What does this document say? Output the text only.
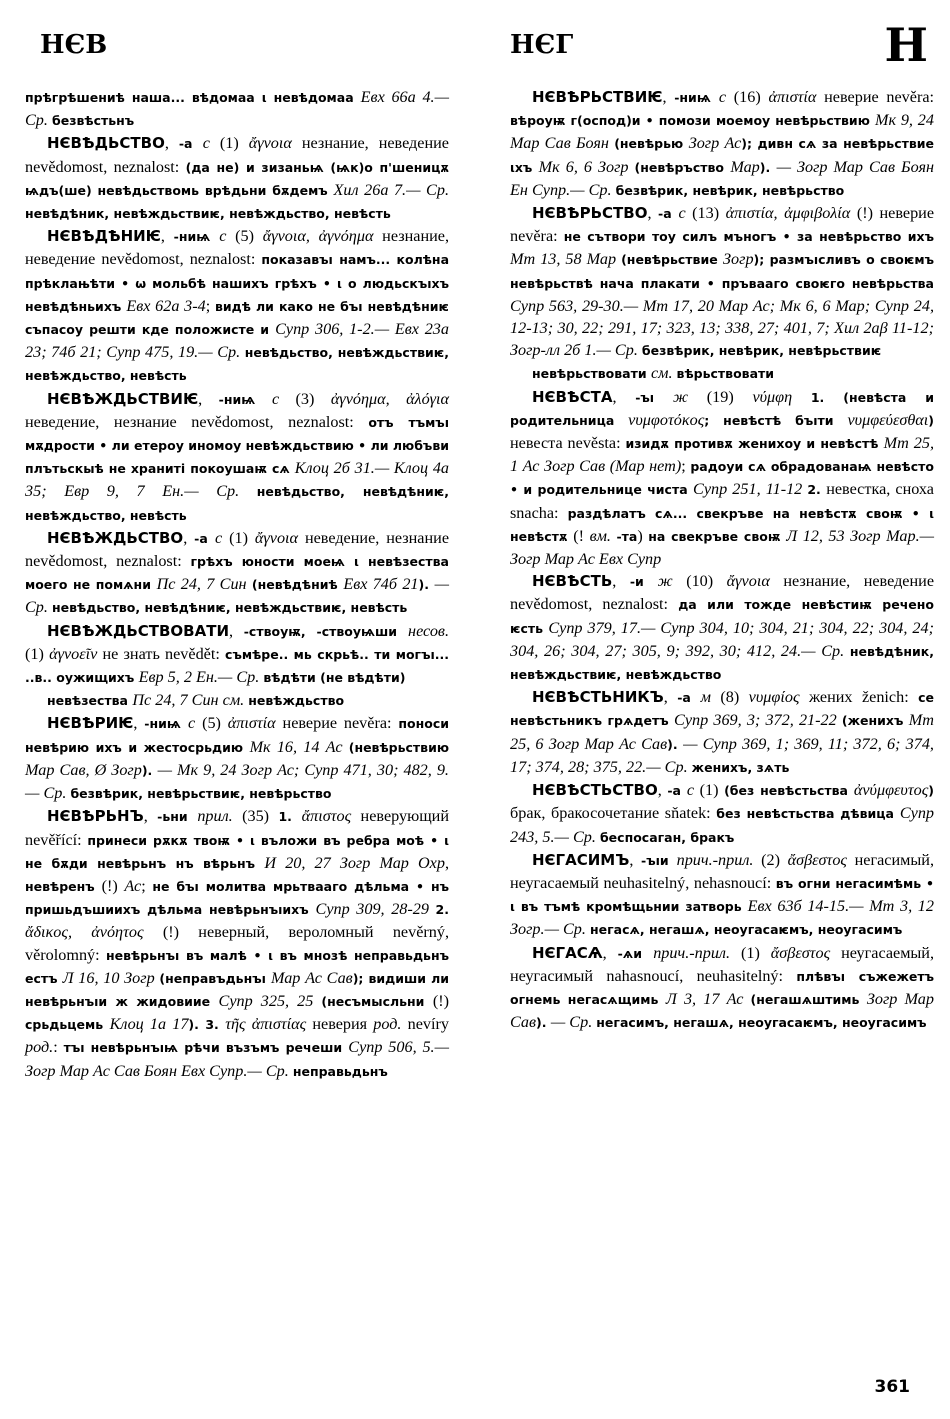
НЄВ	НЄГ	Н

прѣгрѣшениѣ наша... вѣдомаа ι невѣдомаа Евх 66а 4.— Ср. безвѣстьнъ

НЄВѢДЬСТВО, -а с (1) ἄγνοια незнание, неведение nevědomost, neznalost: (да не) и зизаньѩ (ѩк)о п'шеницѫ ѩдъ(ше) невѣдьствомь врѣдьни бѫдемъ Хил 26а 7.— Ср. невѣдѣник, невѣждьствиѥ, невѣждьство, невѣсть

НЄВѢДѢНИѤ, -ниѩ с (5) ἄγνοια, ἀγνόημα незнание, неведение nevědomost, neznalost: показавъı намъ... колѣна прѣклањѣти • ѡ мольбѣ нашихъ грѣхъ • ι о людьскъıхъ невѣдѣньихъ Евх 62а 3-4; видѣ ли како не бъı невѣдѣниѥ съпасоу решти кде положисте и Супр 306, 1-2.— Евх 23а 23; 74б 21; Супр 475, 19.— Ср. невѣдьство, невѣждьствиѥ, невѣждьство, невѣсть

НЄВѢЖДЬСТВИѤ, -ниѩ с (3) ἀγνόημα, ἀλόγια неведение, незнание nevědomost, neznalost: отъ тъмъı мѫдрости • ли етероу иномоу невѣждьствию • ли любъви плътьскыѣ не храниті покоушаѭ сѧ Клоц 2б 31.— Клоц 4а 35; Евр 9, 7 Ен.— Ср. невѣдьство, невѣдѣниѥ, невѣждьство, невѣсть

НЄВѢЖДЬСТВО, -а с (1) ἄγνοια неведение, незнание nevědomost, neznalost: грѣхъ юности моеѩ ι невѣзества моего не помѧни Пс 24, 7 Син (невѣдѣниѣ Евх 74б 21). — Ср. невѣдьство, невѣдѣниѥ, невѣждьствиѥ, невѣсть

НЄВѢЖДЬСТВОВАТИ, -ствоуѭ, -ствоуѩши несов. (1) ἀγνοεῖν не знать nevědět: съмѣре.. мь скрьѣ.. ти могъı... ..в.. оужищихъ Евр 5, 2 Ен.— Ср. вѣдѣти (не вѣдѣти)

невѣзества Пс 24, 7 Син см. невѣждьство

НЄВѢРИѤ, -ниѩ с (5) ἀπιστία неверие nevěra: поноси невѣрию ихъ и жестосрьдию Мк 16, 14 Ас (невѣрьствию Мар Сав, Ø Зогр). — Мк 9, 24 Зогр Ас; Супр 471, 30; 482, 9.— Ср. безвѣрик, невѣрьствиѥ, невѣрьство

НЄВѢРЬНЪ, -ьни прил. (35) 1. ἄπιστος неверующий nevěřící: принеси рѫкѫ твоѭ • ι въложи въ ребра моѣ • ι не бѫди невѣрьнъ нъ вѣрьнъ И 20, 27 Зогр Мар Охр, невѣренъ (!) Ас; не бъı молитва мрьтвааго дѣльма • нъ пришьдъшиихъ дѣльма невѣрьнъıихъ Супр 309, 28-29 2. ἄδικος, ἀνόητος (!) неверный, вероломный nevěrný, věrolomný: невѣрьнъı въ малѣ • ι въ мнозѣ неправьдьнъ естъ Л 16, 10 Зогр (неправъдьнъı Мар Ас Сав); видиши ли невѣрьнъıи ж жидовиие Супр 325, 25 (несъмысльни (!) срьдьцемь Клоц 1а 17). 3. τῆς ἀπιστίας неверия род. nevíry род.: тъı невѣрьнъıѩ рѣчи възъмъ речеши Супр 506, 5.— Зогр Мар Ас Сав Боян Евх Супр.— Ср. неправьдьнъ

НЄВѢРЬСТВИѤ, -ниѩ с (16) ἀπιστία неверие nevěra: вѣроуѭ г(оспод)и • помози моемоу невѣрьствию Мк 9, 24 Мар Сав Боян (невѣрью Зогр Ас); дивн сѧ за невѣрьствие ιхъ Мк 6, 6 Зогр (невѣръство Мар). — Зогр Мар Сав Боян Ен Супр.— Ср. безвѣрик, невѣрик, невѣрьство

НЄВѢРЬСТВО, -а с (13) ἀπιστία, ἀμφιβολία (!) неверие nevěra: не сътвори тоу силъ мъногъ • за невѣрьство ихъ Мт 13, 58 Мар (невѣрьствие Зогр); размъıсливъ о своѥмъ невѣрьствѣ нача плакати • пръвааго своѥго невѣрьства Супр 563, 29-30.— Мт 17, 20 Мар Ас; Мк 6, 6 Мар; Супр 24, 12-13; 30, 22; 291, 17; 323, 13; 338, 27; 401, 7; Хил 2аβ 11-12; Зогр-лл 2б 1.— Ср. безвѣрик, невѣрик, невѣрьствиѥ

невѣрьствовати см. вѣрьствовати

НЄВѢСТА, -ъı ж (19) νύμφη 1. (невѣста и родительница νυμφοτόκος; невѣстѣ бъıти νυμφεύεσθαι) невеста nevěsta: изидѫ противѫ женихоу и невѣстѣ Мт 25, 1 Ас Зогр Сав (Мар нет); радоуи сѧ обрадованаѩ невѣсто • и родительнице чиста Супр 251, 11-12 2. невестка, сноха snacha: раздѣлатъ сѧ... свекръве на невѣстѫ своѭ • ι невѣстѫ (! вм. -та) на свекръве своѭ Л 12, 53 Зогр Мар.— Зогр Мар Ас Евх Супр

НЄВѢСТЬ, -и ж (10) ἄγνοια незнание, неведение nevědomost, neznalost: да или тождe невѣстиѭ речено ѥсть Супр 379, 17.— Супр 304, 10; 304, 21; 304, 22; 304, 24; 304, 26; 304, 27; 305, 9; 392, 30; 412, 24.— Ср. невѣдѣник, невѣждьствиѥ, невѣждьство

НЄВѢСТЬНИКЪ, -а м (8) νυμφίος жених ženich: се невѣстьникъ грѧдетъ Супр 369, 3; 372, 21-22 (женихъ Мт 25, 6 Зогр Мар Ас Сав). — Супр 369, 1; 369, 11; 372, 6; 374, 17; 374, 28; 375, 22.— Ср. женихъ, зѧть

НЄВѢСТЬСТВО, -а с (1) (без невѣстьства ἀνύμφευτος) брак, бракосочетание sňatek: без невѣстьства дѣвица Супр 243, 5.— Ср. беспосаган, бракъ

НЄГАСИМЪ, -ъıи прич.-прил. (2) ἄσβεστος негасимый, неугасаемый neuhasitelný, nehasnoucí: въ огни негасимѣмь • ι въ тъмѣ кромѣщьнии затворь Евх 63б 14-15.— Мт 3, 12 Зогр.— Ср. негасѧ, негашѧ, неоугасаѥмъ, неоугасимъ

НЄГАСѦ, -ѧи прич.-прил. (1) ἄσβεστος неугасаемый, неугасимый nahasnoucí, neuhasitelný: плѣвъı съжежетъ огнемь негасѧщимь Л 3, 17 Ас (негашѧштимь Зогр Мар Сав). — Ср. негасимъ, негашѧ, неоугасаѥмъ, неоугасимъ

361
